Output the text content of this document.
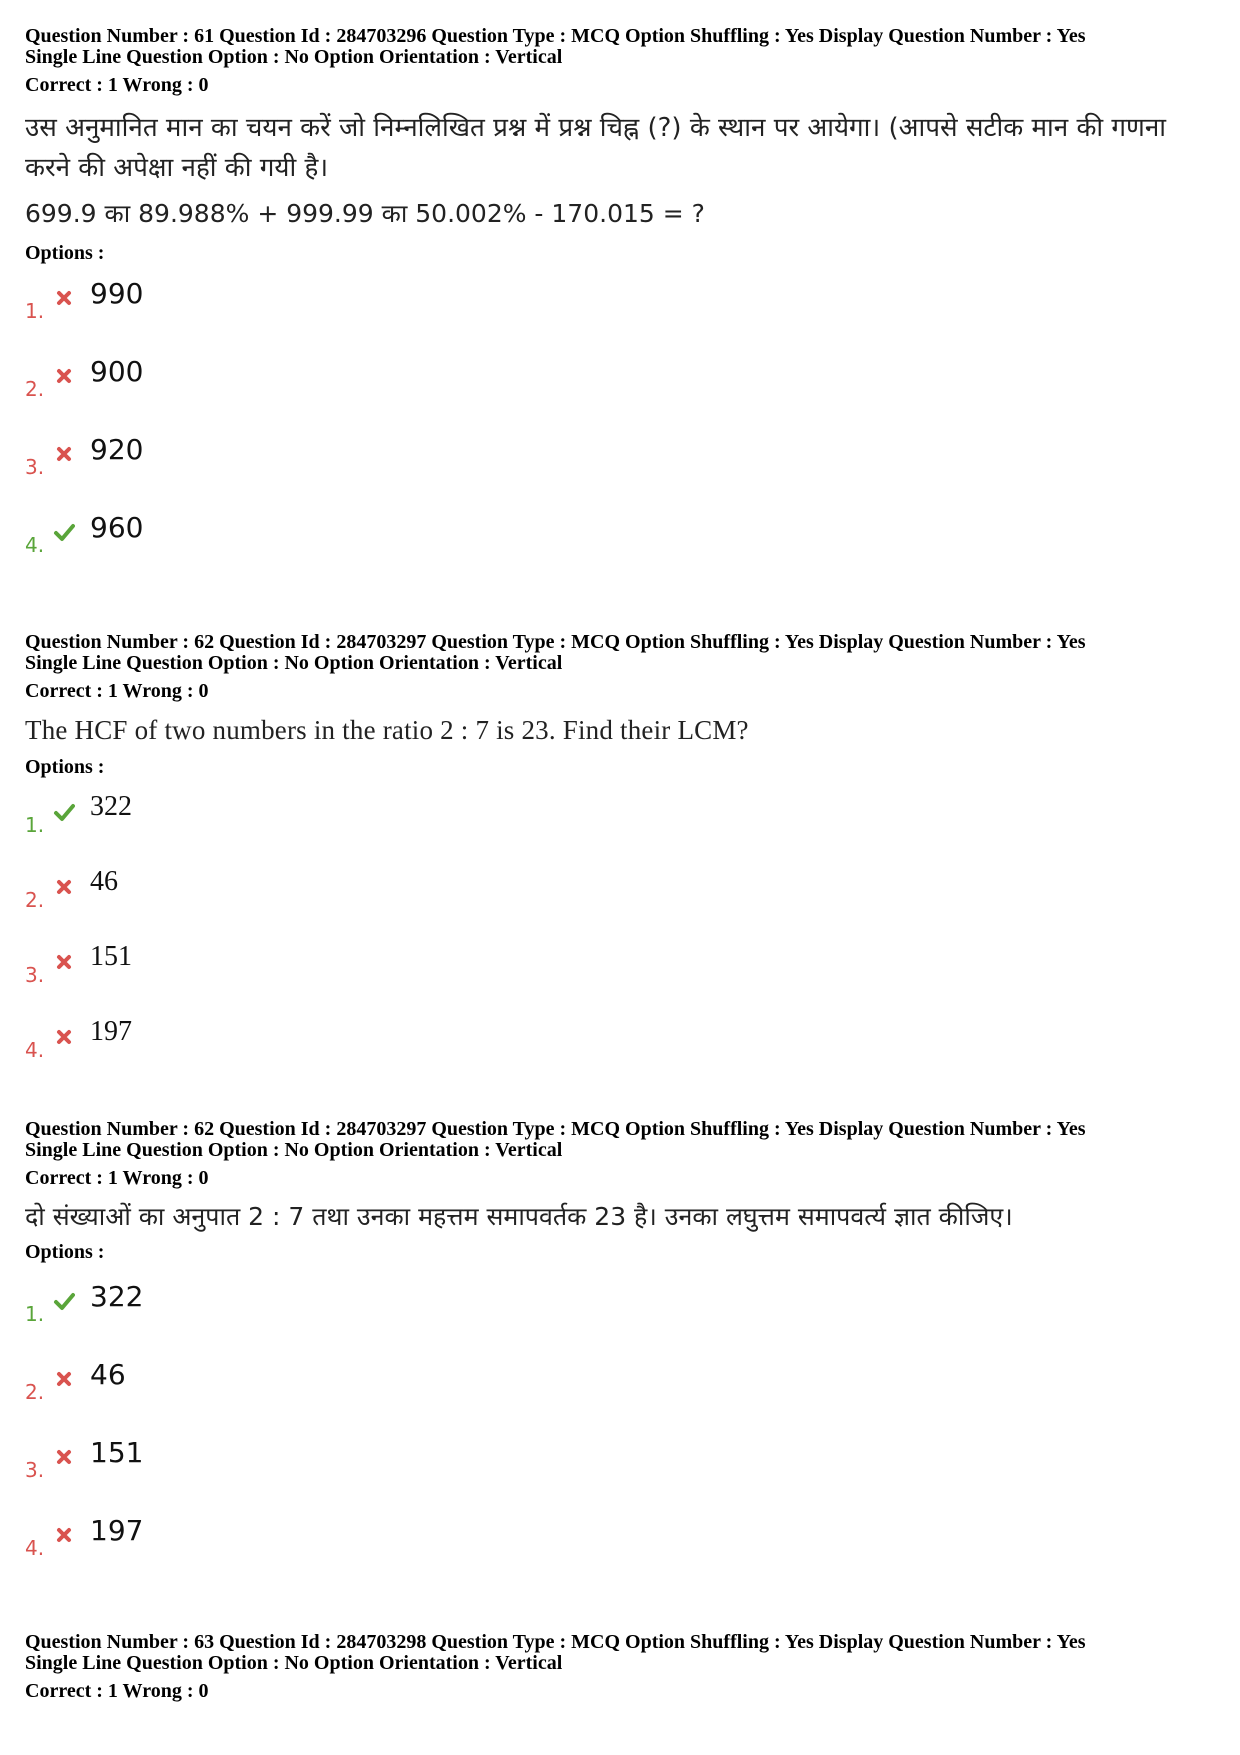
Question Number : 61 Question Id : 284703296 Question Type : MCQ Option Shuffling : Yes Display Question Number : Yes
Single Line Question Option : No Option Orientation : Vertical
Correct : 1 Wrong : 0
उस अनुमानित मान का चयन करें जो निम्नलिखित प्रश्न में प्रश्न चिह्न (?) के स्थान पर आयेगा। (आपसे सटीक मान की गणना करने की अपेक्षा नहीं की गयी है।
699.9 का 89.988% + 999.99 का 50.002% - 170.015 = ?
Options :
1.
990
2.
900
3.
920
4.
960
Question Number : 62 Question Id : 284703297 Question Type : MCQ Option Shuffling : Yes Display Question Number : Yes
Single Line Question Option : No Option Orientation : Vertical
Correct : 1 Wrong : 0
The HCF of two numbers in the ratio 2 : 7 is 23. Find their LCM?
Options :
1.
322
2.
46
3.
151
4.
197
Question Number : 62 Question Id : 284703297 Question Type : MCQ Option Shuffling : Yes Display Question Number : Yes
Single Line Question Option : No Option Orientation : Vertical
Correct : 1 Wrong : 0
दो संख्याओं का अनुपात 2 : 7 तथा उनका महत्तम समापवर्तक 23 है। उनका लघुत्तम समापवर्त्य ज्ञात कीजिए।
Options :
1.
322
2.
46
3.
151
4.
197
Question Number : 63 Question Id : 284703298 Question Type : MCQ Option Shuffling : Yes Display Question Number : Yes
Single Line Question Option : No Option Orientation : Vertical
Correct : 1 Wrong : 0
